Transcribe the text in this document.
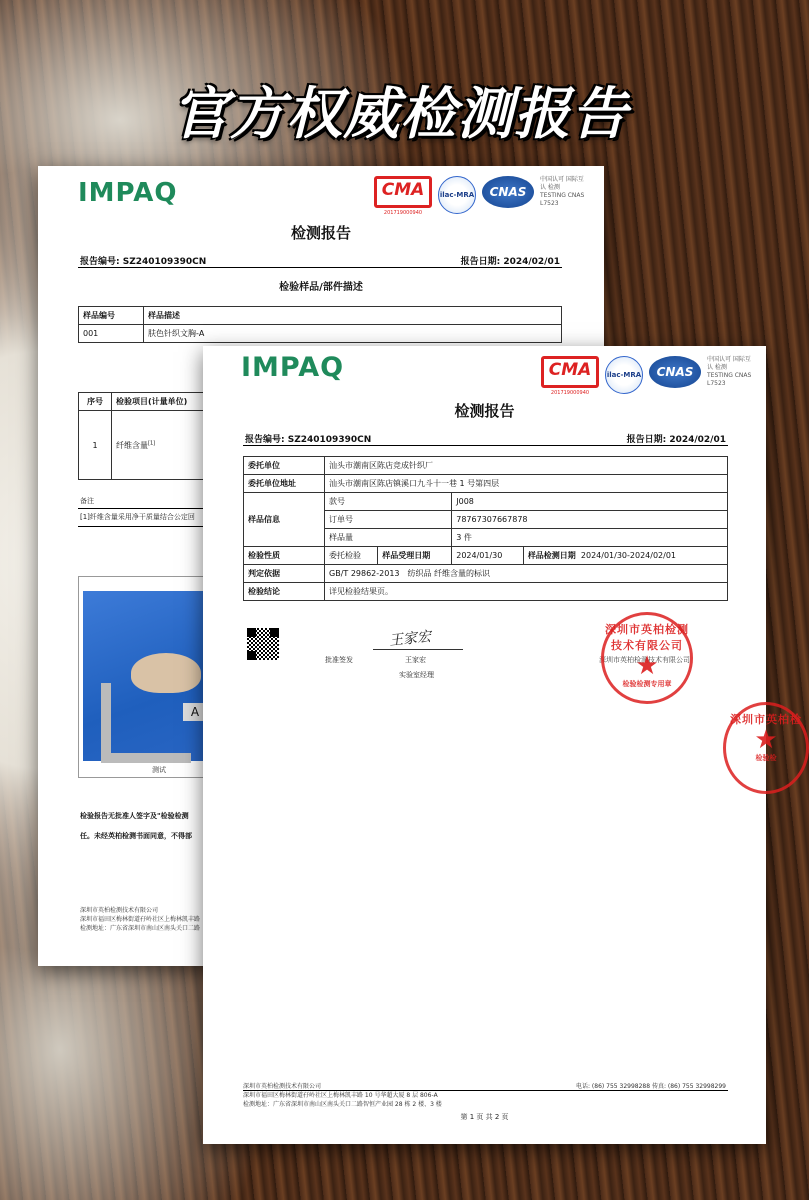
官方权威检测报告
IMPAQ	CMA
201719000940
ilac-MRA	CNAS
中国认可 国际互认 检测 TESTING CNAS L7523
检测报告
报告编号: SZ240109390CN	报告日期: 2024/02/01
检验样品/部件描述
样品编号	样品描述
001	肤色针织文胸-A
序号	检验项目(计量单位)
1	纤维含量[1]
备注
[1]纤维含量采用净干质量结合公定回
A
测试
检验报告无批准人签字及"检验检测
任。未经英柏检测书面同意，不得部
深圳市英柏检测技术有限公司
深圳市福田区梅林街道孖岭社区上梅林凯丰路
检测地址：广东省深圳市南山区南头关口二路
IMPAQ	CMA
201719000940
ilac-MRA	CNAS
中国认可 国际互认 检测 TESTING CNAS L7523
检测报告
报告编号: SZ240109390CN	报告日期: 2024/02/01
委托单位	汕头市潮南区陈店竞成针织厂			
委托单位地址	汕头市潮南区陈店镇溪口九斗十一巷 1 号第四层			
样品信息	款号		J008	
	订单号		78767307667878	
	样品量		3 件	
检验性质	委托检验	样品受理日期	2024/01/30	样品检测日期 2024/01/30-2024/02/01
判定依据	GB/T 29862-2013　纺织品 纤维含量的标识			
检验结论	详见检验结果页。			
批准签发
王家宏
王家宏
实验室经理
深圳市英柏检测技术有限公司
深圳市英柏检测技术有限公司
★
检验检测专用章
深圳市英柏检
★
检验检
深圳市英柏检测技术有限公司
深圳市福田区梅林街道孖岭社区上梅林凯丰路 10 号华超大厦 8 层 806-A
检测地址：广东省深圳市南山区南头关口二路智恒产业园 28 栋 2 楼、3 楼
电话: (86) 755 32998288 传真: (86) 755 32998299
第 1 页 共 2 页
